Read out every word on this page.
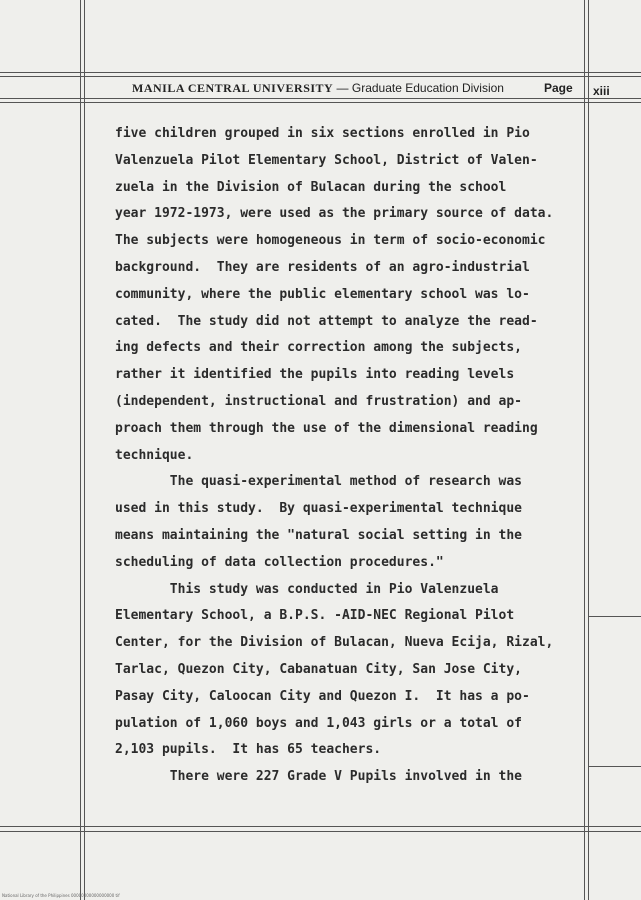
MANILA CENTRAL UNIVERSITY — Graduate Education Division	Page xiii
five children grouped in six sections enrolled in Pio
Valenzuela Pilot Elementary School, District of Valen-
zuela in the Division of Bulacan during the school
year 1972-1973, were used as the primary source of data.
The subjects were homogeneous in term of socio-economic
background.  They are residents of an agro-industrial
community, where the public elementary school was lo-
cated.  The study did not attempt to analyze the read-
ing defects and their correction among the subjects,
rather it identified the pupils into reading levels
(independent, instructional and frustration) and ap-
proach them through the use of the dimensional reading
technique.
The quasi-experimental method of research was
used in this study.  By quasi-experimental technique
means maintaining the "natural social setting in the
scheduling of data collection procedures."
This study was conducted in Pio Valenzuela
Elementary School, a B.P.S. -AID-NEC Regional Pilot
Center, for the Division of Bulacan, Nueva Ecija, Rizal,
Tarlac, Quezon City, Cabanatuan City, San Jose City,
Pasay City, Caloocan City and Quezon I.  It has a po-
pulation of 1,060 boys and 1,043 girls or a total of
2,103 pupils.  It has 65 teachers.
There were 227 Grade V Pupils involved in the
National Library of the Philippines 00000000000000000 tif
